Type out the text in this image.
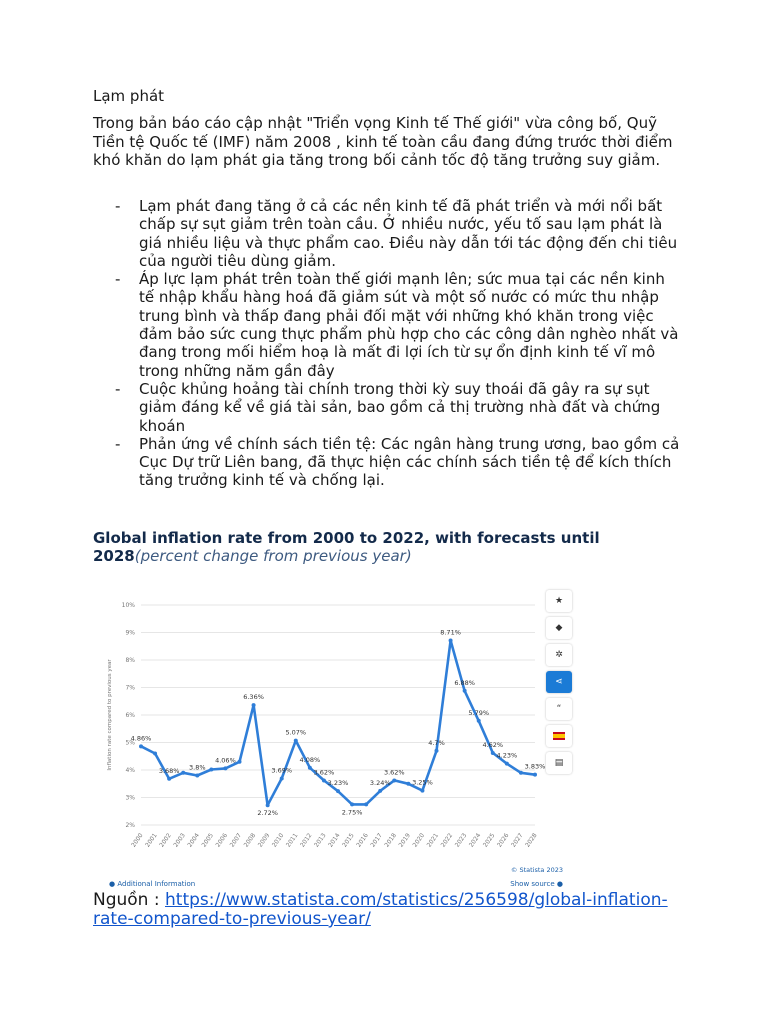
Lạm phát
Trong bản báo cáo cập nhật "Triển vọng Kinh tế Thế giới" vừa công bố, Quỹ Tiền tệ Quốc tế (IMF) năm 2008 , kinh tế toàn cầu đang đứng trước thời điểm khó khăn do lạm phát gia tăng trong bối cảnh tốc độ tăng trưởng suy giảm.
- Lạm phát đang tăng ở cả các nền kinh tế đã phát triển và mới nổi bất chấp sự sụt giảm trên toàn cầu. Ở nhiều nước, yếu tố sau lạm phát là giá nhiều liệu và thực phẩm cao. Điều này dẫn tới tác động đến chi tiêu của người tiêu dùng giảm.
- Áp lực lạm phát trên toàn thế giới mạnh lên; sức mua tại các nền kinh tế nhập khẩu hàng hoá đã giảm sút và một số nước có mức thu nhập trung bình và thấp đang phải đối mặt với những khó khăn trong việc đảm bảo sức cung thực phẩm phù hợp cho các công dân nghèo nhất và đang trong mối hiểm hoạ là mất đi lợi ích từ sự ổn định kinh tế vĩ mô trong những năm gần đây
- Cuộc khủng hoảng tài chính trong thời kỳ suy thoái đã gây ra sự sụt giảm đáng kể về giá tài sản, bao gồm cả thị trường nhà đất và chứng khoán
- Phản ứng về chính sách tiền tệ: Các ngân hàng trung ương, bao gồm cả Cục Dự trữ Liên bang, đã thực hiện các chính sách tiền tệ để kích thích tăng trưởng kinh tế và chống lại.
Global inflation rate from 2000 to 2022, with forecasts until 2028(percent change from previous year)
10%
9%
8%
7%
6%
5%
4%
3%
2%
Inflation rate compared to previous year
2000 2001 2002 2003 2004 2005 2006 2007 2008 2009 2010 2011 2012 2013 2014 2015 2016 2017 2018 2019 2020 2021 2022 2023 2024 2025 2026 2027 2028
4.86%
3.68% 3.8%
4.06%
6.36%
2.72%
3.69%
5.07%
4.08%
3.62%
3.23%
2.75%
3.24%
3.62%
3.25%
4.7%
8.71%
6.88%
5.79%
4.62%
4.23%
3.83%
● Additional Information
© Statista 2023
Show source ●
★
◆
✲
⋖
“
▤
Nguồn : https://www.statista.com/statistics/256598/global-inflation-rate-compared-to-previous-year/
